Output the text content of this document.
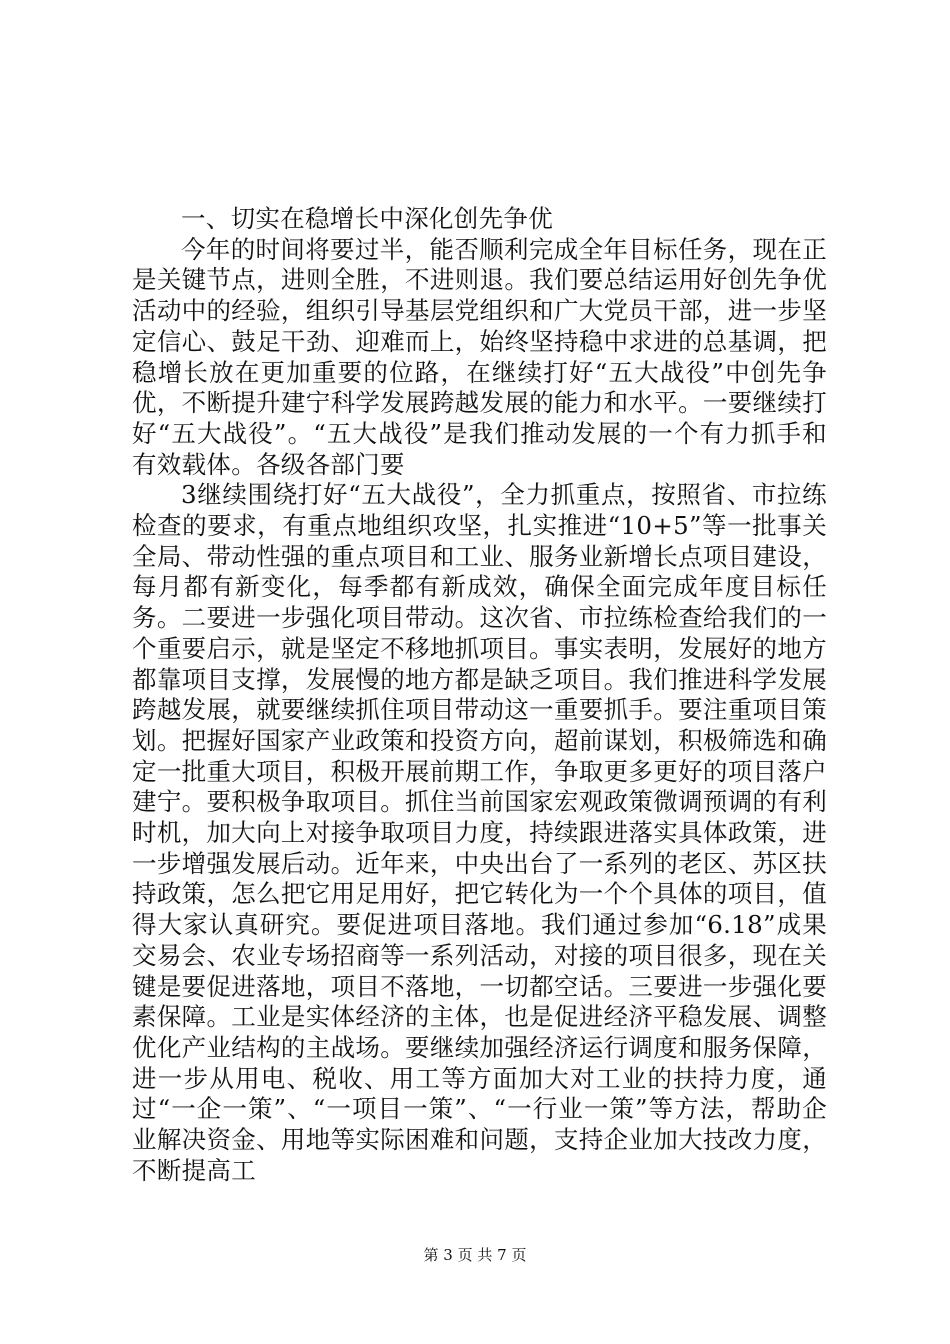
一、切实在稳增长中深化创先争优

今年的时间将要过半，能否顺利完成全年目标任务，现在正是关键节点，进则全胜，不进则退。我们要总结运用好创先争优活动中的经验，组织引导基层党组织和广大党员干部，进一步坚定信心、鼓足干劲、迎难而上，始终坚持稳中求进的总基调，把稳增长放在更加重要的位路，在继续打好“五大战役”中创先争优，不断提升建宁科学发展跨越发展的能力和水平。一要继续打好“五大战役”。“五大战役”是我们推动发展的一个有力抓手和有效载体。各级各部门要

3继续围绕打好“五大战役”，全力抓重点，按照省、市拉练检查的要求，有重点地组织攻坚，扎实推进“10+5”等一批事关全局、带动性强的重点项目和工业、服务业新增长点项目建设，每月都有新变化，每季都有新成效，确保全面完成年度目标任务。二要进一步强化项目带动。这次省、市拉练检查给我们的一个重要启示，就是坚定不移地抓项目。事实表明，发展好的地方都靠项目支撑，发展慢的地方都是缺乏项目。我们推进科学发展跨越发展，就要继续抓住项目带动这一重要抓手。要注重项目策划。把握好国家产业政策和投资方向，超前谋划，积极筛选和确定一批重大项目，积极开展前期工作，争取更多更好的项目落户建宁。要积极争取项目。抓住当前国家宏观政策微调预调的有利时机，加大向上对接争取项目力度，持续跟进落实具体政策，进一步增强发展后动。近年来，中央出台了一系列的老区、苏区扶持政策，怎么把它用足用好，把它转化为一个个具体的项目，值得大家认真研究。要促进项目落地。我们通过参加“6.18”成果交易会、农业专场招商等一系列活动，对接的项目很多，现在关键是要促进落地，项目不落地，一切都空话。三要进一步强化要素保障。工业是实体经济的主体，也是促进经济平稳发展、调整优化产业结构的主战场。要继续加强经济运行调度和服务保障，进一步从用电、税收、用工等方面加大对工业的扶持力度，通过“一企一策”、“一项目一策”、“一行业一策”等方法，帮助企业解决资金、用地等实际困难和问题，支持企业加大技改力度，不断提高工

第 3 页 共 7 页
